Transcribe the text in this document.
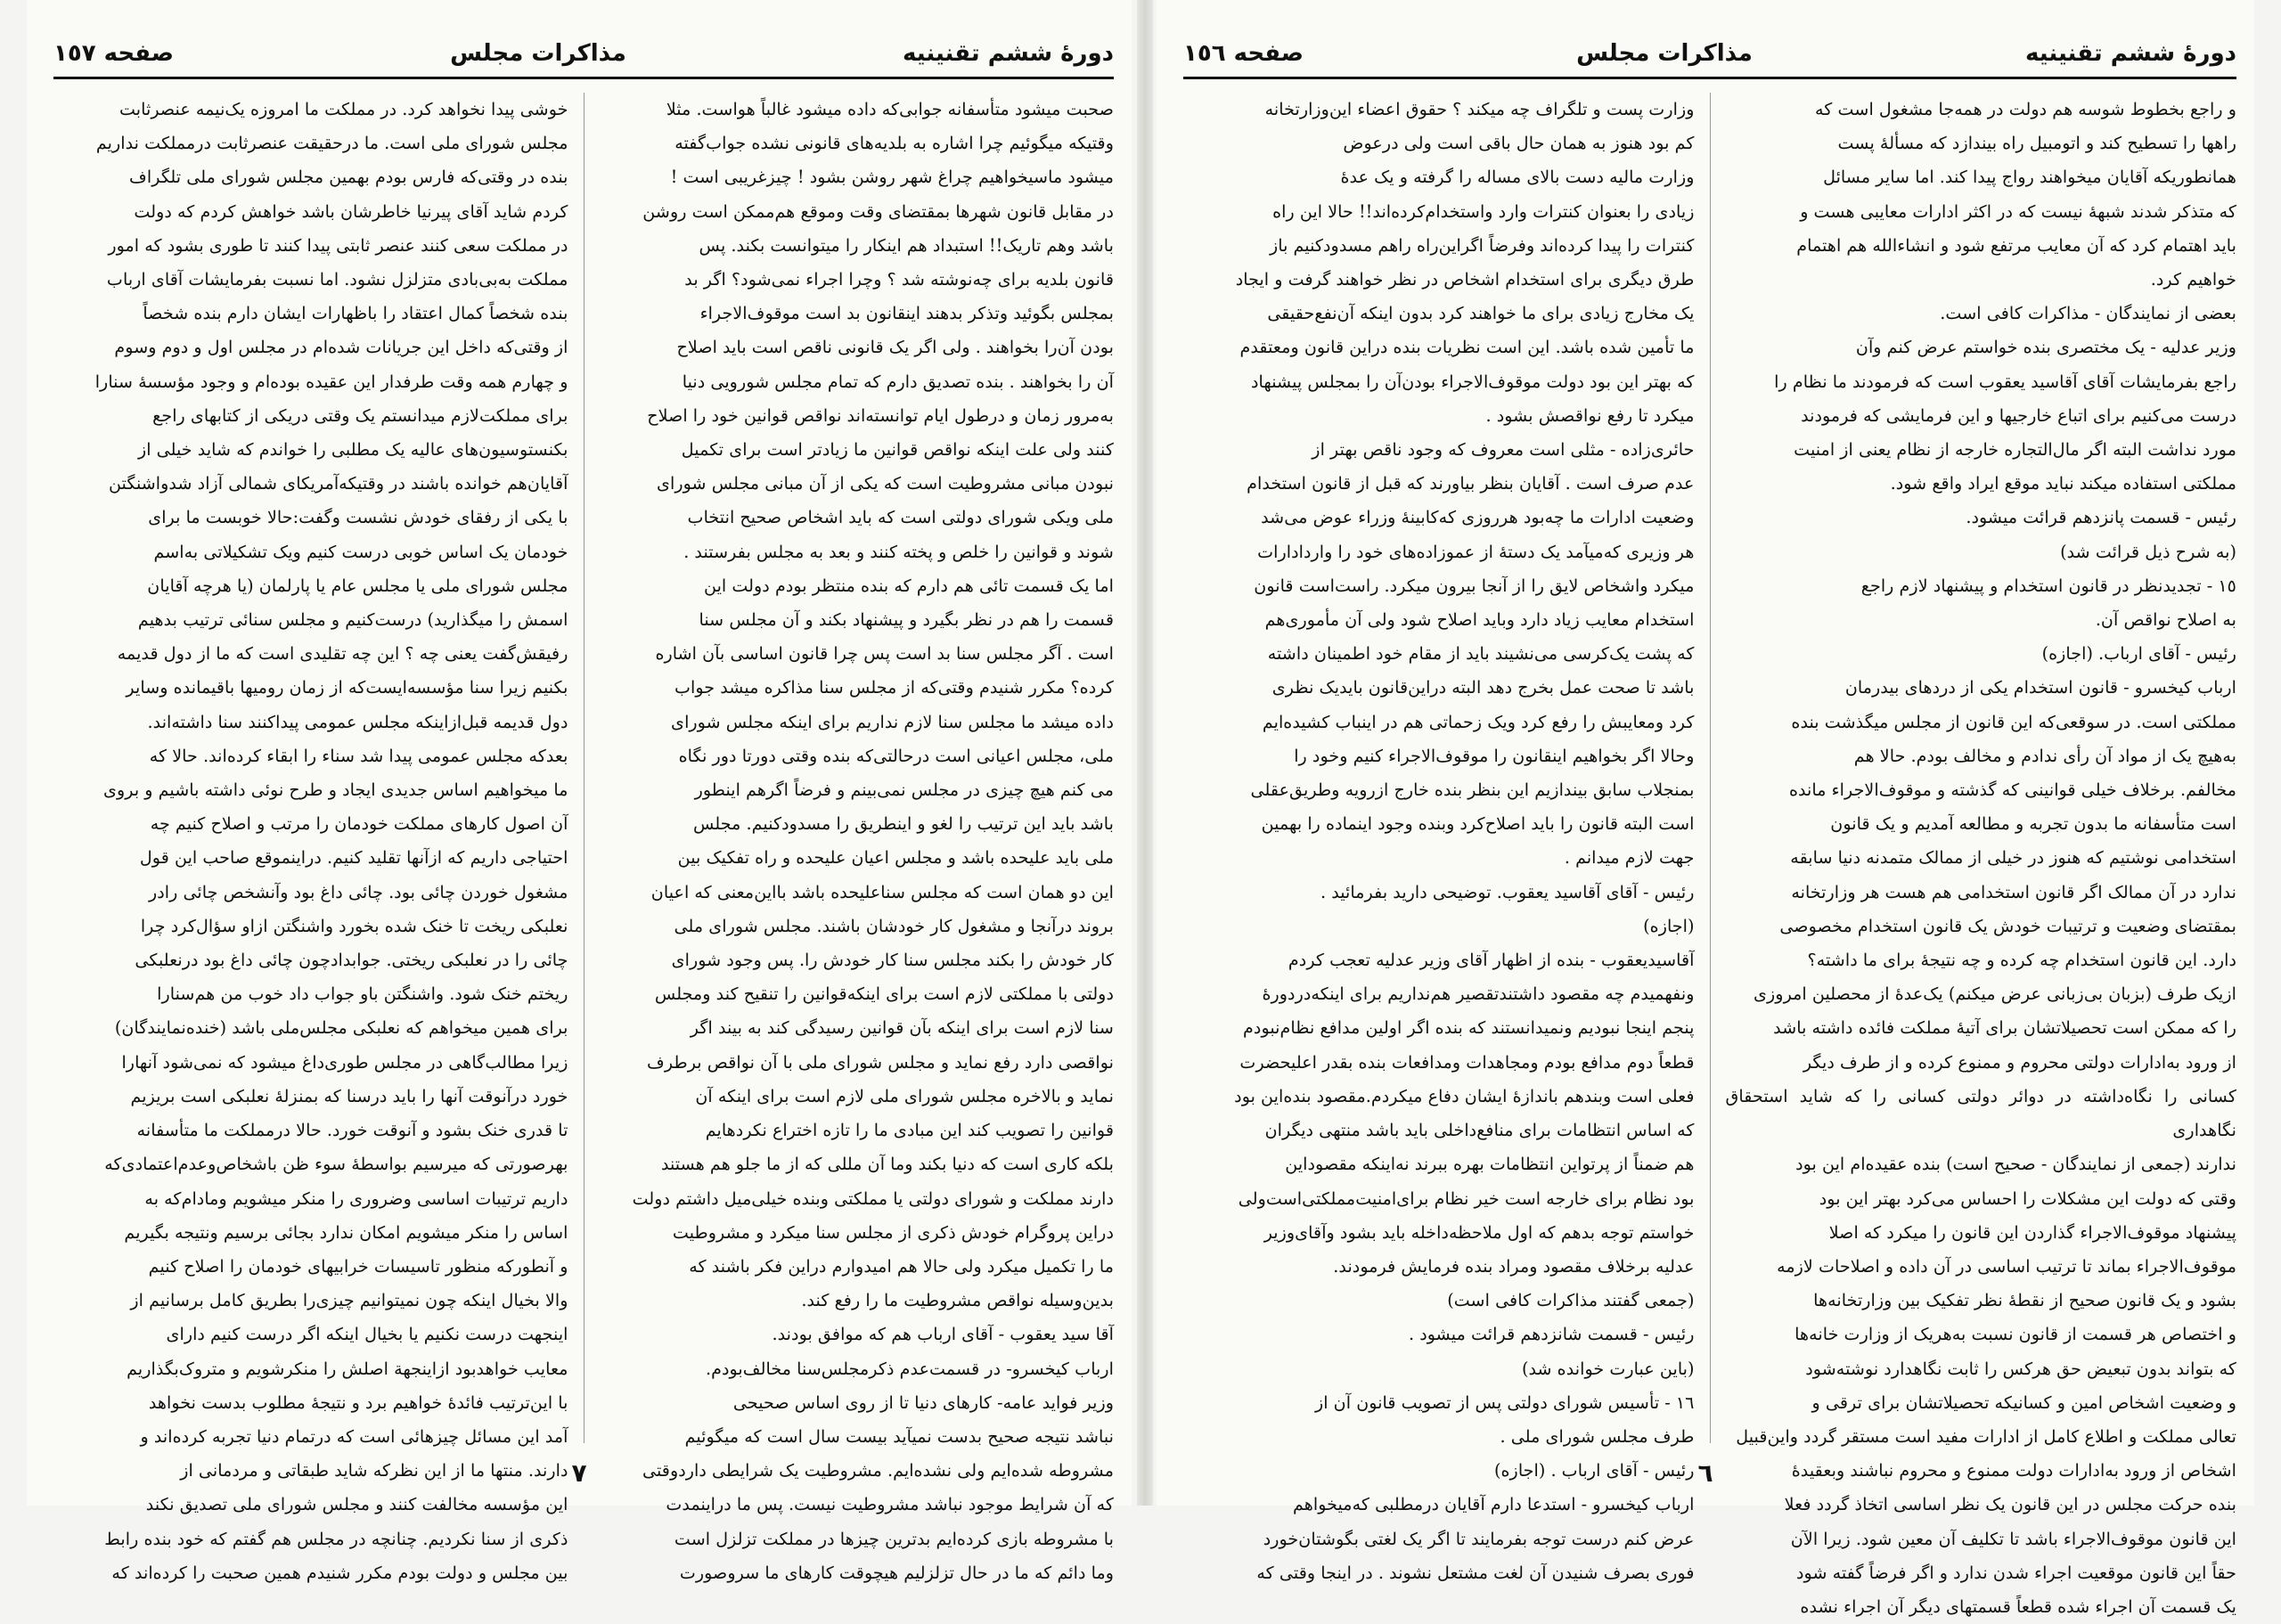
دورهٔ ششم تقنینیه
مذاکرات مجلس
صفحه ١٥٧

صحبت میشود متأسفانه جوابی‌که داده میشود غالباً هواست. مثلا

وقتیکه میگوئیم چرا اشاره به بلدیه‌های قانونی نشده جواب‌گفته

میشود ماسیخواهیم چراغ شهر روشن بشود ! چیزغریبی است !

در مقابل قانون شهرها بمقتضای وقت وموقع هم‌ممکن است روشن

باشد وهم تاریک!! استبداد هم اینکار را میتوانست بکند. پس

قانون بلدیه برای چه‌نوشته شد ؟ وچرا اجراء نمی‌شود؟ اگر بد

بمجلس بگوئید وتذکر بدهند اینقانون بد است موقوف‌الاجراء

بودن آن‌را بخواهند . ولی اگر یک قانونی ناقص است باید اصلاح

آن را بخواهند . بنده تصدیق دارم که تمام مجلس شورویی دنیا

به‌مرور زمان و درطول ایام توانسته‌اند نواقص قوانین خود را اصلاح

کنند ولی علت اینکه نواقص قوانین ما زیادتر است برای تکمیل

نبودن مبانی مشروطیت است که یکی از آن مبانی مجلس شورای

ملی ویکی شورای دولتی است که باید اشخاص صحیح‌ انتخاب

شوند و قوانین را خلص و پخته کنند و بعد به مجلس بفرستند .

اما یک قسمت تائی هم دارم که بنده منتظر بودم دولت این

قسمت را هم در نظر بگیرد و پیشنهاد بکند و آن مجلس سنا

است . آگر مجلس سنا بد است پس چرا قانون اساسی بآن اشاره

کرده؟ مکرر شنیدم وقتی‌که از مجلس سنا مذاکره میشد جواب

داده میشد ما مجلس سنا لازم نداریم برای اینکه مجلس شورای

ملی، مجلس اعیانی است درحالتی‌که بنده وقتی دورتا دور نگاه

می کنم هیچ چیزی در مجلس نمی‌بینم و فرضاً اگرهم اینطور

باشد باید این ترتیب را لغو و اینطریق را مسدودکنیم. مجلس

ملی باید علیحده باشد و مجلس اعیان علیحده و راه تفکیک بین

این دو همان است که مجلس سناعلیحده باشد بااین‌معنی که اعیان

بروند درآنجا و مشغول کار خودشان باشند. مجلس شورای ملی

کار خودش را بکند مجلس سنا کار خودش را. پس وجود شورای

دولتی با مملکتی لازم است برای اینکه‌قوانین را تنقیح کند ومجلس

سنا لازم است برای اینکه بآن قوانین رسیدگی کند به بیند اگر

نواقصی دارد رفع نماید و مجلس شورای ملی با آن نواقص برطرف

نماید و بالاخره مجلس شورای ملی لازم است برای اینکه آن

قوانین را تصویب کند این مبادی ما را تازه اختراع نکردهایم

بلکه کاری است که دنیا بکند وما آن مللی که از ما جلو هم هستند

دارند مملکت و شورای دولتی یا مملکتی وبنده خیلی‌میل داشتم دولت

دراین پروگرام خودش ذکری از مجلس سنا میکرد و مشروطیت

ما را تکمیل میکرد ولی حالا هم امیدوارم دراین فکر باشند که

بدین‌وسیله نواقص مشروطیت ما را رفع کند.

آقا سید یعقوب - آقای ارباب هم که موافق بودند.

ارباب کیخسرو- در قسمت‌عدم ذکرمجلس‌سنا مخالف‌بودم.

وزیر فواید عامه- کارهای دنیا تا از روی اساس صحیحی

نباشد نتیجه صحیح بدست نمیآید بیست سال است که میگوئیم

مشروطه شده‌ایم ولی نشده‌ایم. مشروطیت یک شرایطی داردوقتی

که آن شرایط موجود نباشد مشروطیت نیست. پس ما دراینمدت

با مشروطه بازی کرده‌ایم بدترین چیزها در مملکت تزلزل است

وما دائم که ما در حال تزلزلیم هیچوقت کارهای ما سروصورت

خوشی پیدا نخواهد کرد. در مملکت ما امروزه یک‌نیمه عنصرثابت

مجلس شورای ملی است. ما درحقیقت عنصرثابت درمملکت نداریم

بنده در وقتی‌که فارس بودم بهمین مجلس شورای ملی تلگراف

کردم شاید آقای پیرنیا خاطرشان باشد خواهش کردم که دولت

در مملکت سعی کنند عنصر ثابتی پیدا کنند تا طوری بشود که امور

مملکت به‌بی‌بادی متزلزل نشود. اما نسبت بفرمایشات آقای ارباب

بنده شخصاً کمال اعتقاد را باظهارات ایشان دارم بنده شخصاً

از وقتی‌که داخل این جریانات شده‌ام در مجلس اول و دوم وسوم

و چهارم همه وقت طرفدار این عقیده بوده‌ام و وجود مؤسسهٔ سنارا

برای مملکت‌لازم میدانستم یک وقتی دریکی از کتابهای راجع

بکنستوسیون‌های عالیه یک مطلبی را خواندم که شاید خیلی از

آقایان‌هم خوانده باشند در وقتیکه‌آمریکای شمالی آزاد شدواشنگتن

با یکی از رفقای خودش نشست وگفت:حالا خوبست ما برای

خودمان یک اساس خوبی درست کنیم ویک تشکیلاتی به‌اسم

مجلس شورای ملی یا مجلس عام یا پارلمان (یا هرچه آقایان

اسمش را میگذارید) درست‌کنیم و مجلس سنائی ترتیب بدهیم

رفیقش‌گفت یعنی چه ؟ این چه تقلیدی است که ما از دول قدیمه

بکنیم زیرا سنا مؤسسه‌ایست‌که از زمان رومیها باقیمانده وسایر

دول قدیمه قبل‌ازاینکه مجلس عمومی پیداکنند سنا داشته‌اند.

بعدکه مجلس عمومی پیدا شد سناء را ابقاء کرده‌اند. حالا که

ما میخواهیم اساس جدیدی ایجاد و طرح نوئی داشته باشیم و بروی

آن اصول کارهای مملکت خودمان را مرتب و اصلاح کنیم چه

احتیاجی داریم که ازآنها تقلید کنیم. دراینموقع صاحب این قول

مشغول خوردن چائی بود. چائی داغ بود وآنشخص چائی رادر

نعلبکی ریخت تا خنک شده بخورد واشنگتن ازاو سؤال‌کرد چرا

چائی را در نعلبکی ریختی. جوابدادچون چائی داغ بود درنعلبکی

ریختم خنک شود. واشنگتن باو جواب داد خوب من هم‌سنارا

برای همین میخواهم که نعلبکی مجلس‌ملی باشد (خنده‌نمایندگان)

زیرا مطالب‌گاهی در مجلس طوری‌داغ میشود که نمی‌شود آنهارا

خورد درآنوقت آنها را باید درسنا که بمنزلهٔ نعلبکی است بریزیم

تا قدری خنک بشود و آنوقت خورد. حالا درمملکت ما متأسفانه

بهرصورتی که میرسیم بواسطهٔ سوء ظن باشخاص‌وعدم‌اعتمادی‌که

داریم ترتیبات اساسی وضروری را منکر میشویم ومادام‌که به

اساس را منکر میشویم امکان ندارد بجائی برسیم ونتیجه بگیریم

و آنطورکه منظور تاسیسات خرابیهای خودمان را اصلاح کنیم

والا بخیال اینکه چون نمیتوانیم چیزی‌را بطریق کامل برسانیم از

اینجهت درست نکنیم یا بخیال اینکه اگر درست کنیم دارای

معایب خواهدبود ازاینجهة اصلش را منکرشویم و متروک‌بگذاریم

با این‌ترتیب فائدهٔ خواهیم برد و نتیجهٔ مطلوب بدست نخواهد

آمد این مسائل چیزهائی است که درتمام دنیا تجربه کرده‌اند و

دارند. منتها ما از این نظرکه شاید طبقاتی و مردمانی از

این مؤسسه مخالفت کنند و مجلس شورای ملی تصدیق نکند

ذکری از سنا نکردیم. چنانچه در مجلس هم گفتم که خود بنده رابط

بین مجلس و دولت بودم مکرر شنیدم همین صحبت را کرده‌اند که

٧
دورهٔ ششم تقنینیه
مذاکرات مجلس
صفحه ١٥٦

و راجع بخطوط شوسه هم دولت در همه‌جا مشغول است که

راهها را تسطیح کند و اتومبیل راه بیندازد که مسألهٔ پست

همانطوریکه آقایان میخواهند رواج پیدا کند. اما سایر مسائل

که متذکر شدند شبههٔ نیست که در اکثر ادارات معایبی هست و

باید اهتمام کرد که آن معایب مرتفع شود و انشاءالله هم اهتمام

خواهیم کرد.

بعضی از نمایندگان - مذاکرات کافی است.

وزیر عدلیه - یک مختصری بنده خواستم عرض کنم وآن

راجع بفرمایشات آقای آقاسید یعقوب است که فرمودند ما نظام را

درست می‌کنیم برای اتباع خارجیها و این فرمایشی که فرمودند

مورد نداشت البته اگر مال‌التجاره خارجه از نظام یعنی از امنیت

مملکتی استفاده میکند نباید موقع ایراد واقع شود.

رئیس - قسمت پانزدهم قرائت میشود.

(به شرح ذیل قرائت شد)

١٥ - تجدیدنظر در قانون استخدام و پیشنهاد لازم راجع

به اصلاح نواقص آن.

رئیس - آقای ارباب. (اجازه)

ارباب کیخسرو - قانون استخدام یکی از دردهای بیدرمان

مملکتی است. در سوقعی‌که این قانون از مجلس میگذشت بنده

به‌هیچ یک از مواد آن رأی ندادم و مخالف بودم. حالا هم

مخالفم. برخلاف خیلی قوانینی که گذشته و موقوف‌الاجراء مانده

است متأسفانه ما بدون تجربه و مطالعه آمدیم و یک قانون

استخدامی نوشتیم که هنوز در خیلی از ممالک متمدنه دنیا سابقه

ندارد در آن ممالک اگر قانون استخدامی هم هست هر وزارتخانه

بمقتضای وضعیت و ترتیبات خودش یک قانون استخدام مخصوصی

دارد. این قانون استخدام چه کرده و چه نتیجهٔ برای ما داشته؟

ازیک طرف (بزبان بی‌زبانی عرض میکنم) یک‌عدهٔ از محصلین امروزی

را که ممکن است تحصیلاتشان برای آتیهٔ مملکت فائده داشته باشد

از ورود به‌ادارات دولتی محروم و ممنوع کرده و از طرف دیگر

کسانی را نگاه‌داشته در دوائر دولتی کسانی را که شاید استحقاق نگاهداری

ندارند (جمعی از نمایندگان - صحیح است) بنده عقیده‌ام این بود

وقتی که دولت این مشکلات را احساس می‌کرد بهتر این بود

پیشنهاد موقوف‌الاجراء گذاردن این قانون را میکرد که اصلا

موقوف‌الاجراء بماند تا ترتیب اساسی در آن داده و اصلاحات لازمه

بشود و یک قانون صحیح از نقطهٔ نظر تفکیک بین وزارتخانه‌ها

و اختصاص هر قسمت از قانون نسبت به‌هریک از وزارت خانه‌ها

که بتواند بدون تبعیض حق هرکس را ثابت نگاهدارد نوشته‌شود

و وضعیت اشخاص امین و کسانیکه تحصیلاتشان برای ترقی و

تعالی مملکت و اطلاع کامل از ادارات مفید است مستقر گردد واین‌قبیل

اشخاص از ورود به‌ادارات دولت ممنوع و محروم نباشند وبعقیدهٔ

بنده حرکت مجلس در این قانون یک نظر اساسی اتخاذ گردد فعلا

این قانون موقوف‌الاجراء باشد تا تکلیف آن معین شود. زیرا الآن

حقاً این قانون موقعیت اجراء شدن ندارد و اگر فرضاً گفته شود

یک قسمت آن اجراء شده قطعاً قسمتهای دیگر آن اجراء نشده

وزارت پست و تلگراف چه میکند ؟ حقوق اعضاء این‌وزارتخانه

کم بود هنوز به همان حال باقی است ولی درعوض

وزارت مالیه دست بالای مساله را گرفته و یک عدهٔ

زیادی را بعنوان کنترات وارد واستخدام‌کرده‌اند!! حالا این راه

کنترات را پیدا کرده‌اند وفرضاً اگراین‌راه راهم مسدودکنیم باز

طرق دیگری برای استخدام اشخاص در نظر خواهند گرفت و ایجاد

یک مخارج زیادی برای ما خواهند کرد بدون اینکه آن‌نفع‌حقیقی

ما تأمین شده باشد. این است نظریات بنده دراین قانون ومعتقدم

که بهتر این بود دولت موقوف‌الاجراء بودن‌آن را بمجلس پیشنهاد

میکرد تا رفع نواقصش بشود .

حائری‌زاده - مثلی است معروف که وجود ناقص بهتر از

عدم صرف است . آقایان بنظر بیاورند که قبل از قانون استخدام

وضعیت ادارات ما چه‌بود هرروزی که‌کابینهٔ وزراء عوض می‌شد

هر وزیری که‌میآمد یک دستهٔ از عموزاده‌های خود را وارد‌ادارات

میکرد واشخاص لایق را از آنجا بیرون میکرد. راست‌است قانون

استخدام معایب زیاد دارد وباید اصلاح شود ولی آن مأموری‌هم

که پشت یک‌کرسی می‌نشیند باید از مقام خود اطمینان داشته

باشد تا صحت عمل بخرج دهد البته دراین‌قانون بایدیک نظری

کرد ومعایبش را رفع کرد ویک زحماتی هم در اینباب کشیده‌ایم

وحالا اگر بخواهیم اینقانون را موقوف‌الاجراء کنیم وخود را

بمنجلاب سابق بیندازیم این بنظر بنده خارج ازرویه وطریق‌عقلی

است البته قانون را باید اصلاح‌کرد وبنده وجود اینماده را بهمین

جهت لازم میدانم .

رئیس - آقای آقاسید یعقوب. توضیحی دارید بفرمائید .

(اجازه)

آقاسیدیعقوب - بنده از اظهار آقای وزیر عدلیه تعجب کردم

ونفهمیدم چه مقصود داشتند‌تقصیر هم‌نداریم برای اینکه‌دردورهٔ

پنجم اینجا نبودیم ونمیدانستند که بنده اگر اولین مدافع نظام‌نبودم

قطعاً دوم مدافع بودم ومجاهدات ومدافعات بنده بقدر اعلیحضرت

فعلی است وبندهم باندازهٔ ایشان دفاع میکردم.مقصود بنده‌این بود

که اساس انتظامات برای منافع‌داخلی باید باشد منتهی دیگران

هم ضمناً از پرتواین انتظامات بهره ببرند نه‌اینکه مقصوداین

بود نظام برای خارجه است خیر نظام برای‌امنیت‌مملکتی‌است‌ولی

خواستم توجه بدهم که اول ملاحظه‌داخله باید بشود وآقای‌وزیر

عدلیه برخلاف مقصود ومراد بنده فرمایش فرمودند.

(جمعی گفتند مذاکرات کافی است)

رئیس - قسمت شانزدهم قرائت میشود .

(باین عبارت خوانده شد)

١٦ - تأسیس شورای دولتی پس از تصویب قانون آن از

طرف مجلس شورای ملی .

رئیس - آقای ارباب . (اجازه)

ارباب کیخسرو - استدعا دارم آقایان درمطلبی که‌میخواهم

عرض کنم درست توجه بفرمایند تا اگر یک لغتی بگوشتان‌خورد

فوری بصرف شنیدن آن لغت مشتعل نشوند . در اینجا وقتی که

٦
